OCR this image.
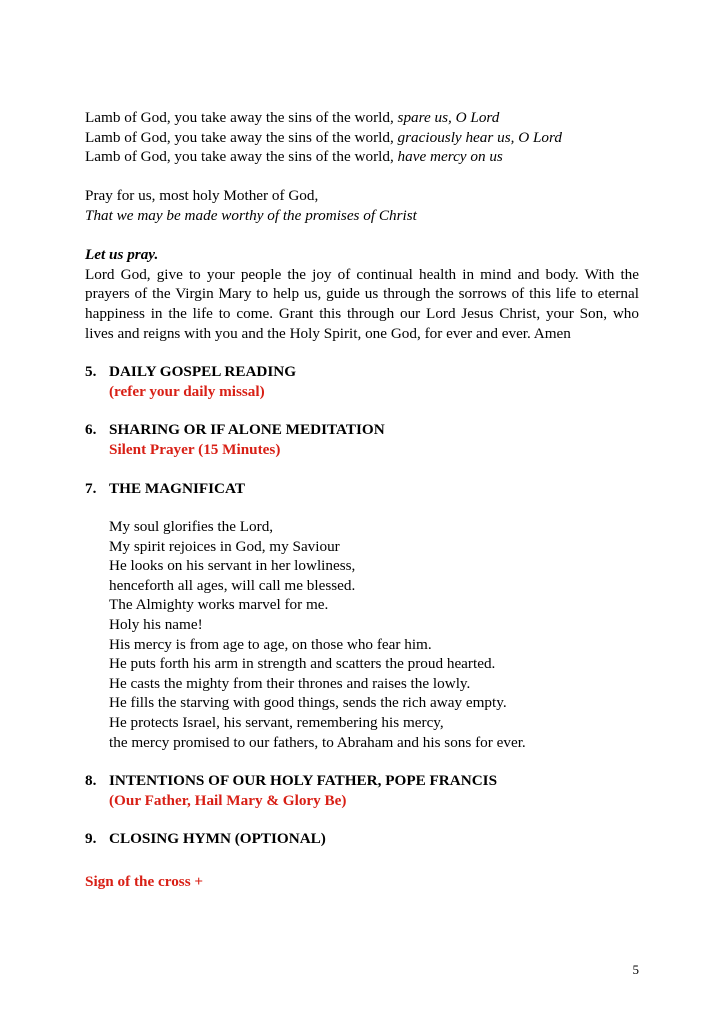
Lamb of God, you take away the sins of the world, spare us, O Lord
Lamb of God, you take away the sins of the world, graciously hear us, O Lord
Lamb of God, you take away the sins of the world, have mercy on us
Pray for us, most holy Mother of God,
That we may be made worthy of the promises of Christ
Let us pray.
Lord God, give to your people the joy of continual health in mind and body. With the prayers of the Virgin Mary to help us, guide us through the sorrows of this life to eternal happiness in the life to come. Grant this through our Lord Jesus Christ, your Son, who lives and reigns with you and the Holy Spirit, one God, for ever and ever. Amen
5. DAILY GOSPEL READING
(refer your daily missal)
6. SHARING OR IF ALONE MEDITATION
Silent Prayer (15 Minutes)
7. THE MAGNIFICAT
My soul glorifies the Lord,
My spirit rejoices in God, my Saviour
He looks on his servant in her lowliness,
henceforth all ages, will call me blessed.
The Almighty works marvel for me.
Holy his name!
His mercy is from age to age, on those who fear him.
He puts forth his arm in strength and scatters the proud hearted.
He casts the mighty from their thrones and raises the lowly.
He fills the starving with good things, sends the rich away empty.
He protects Israel, his servant, remembering his mercy,
the mercy promised to our fathers, to Abraham and his sons for ever.
8. INTENTIONS OF OUR HOLY FATHER, POPE FRANCIS
(Our Father, Hail Mary & Glory Be)
9. CLOSING HYMN (OPTIONAL)
Sign of the cross +
5
